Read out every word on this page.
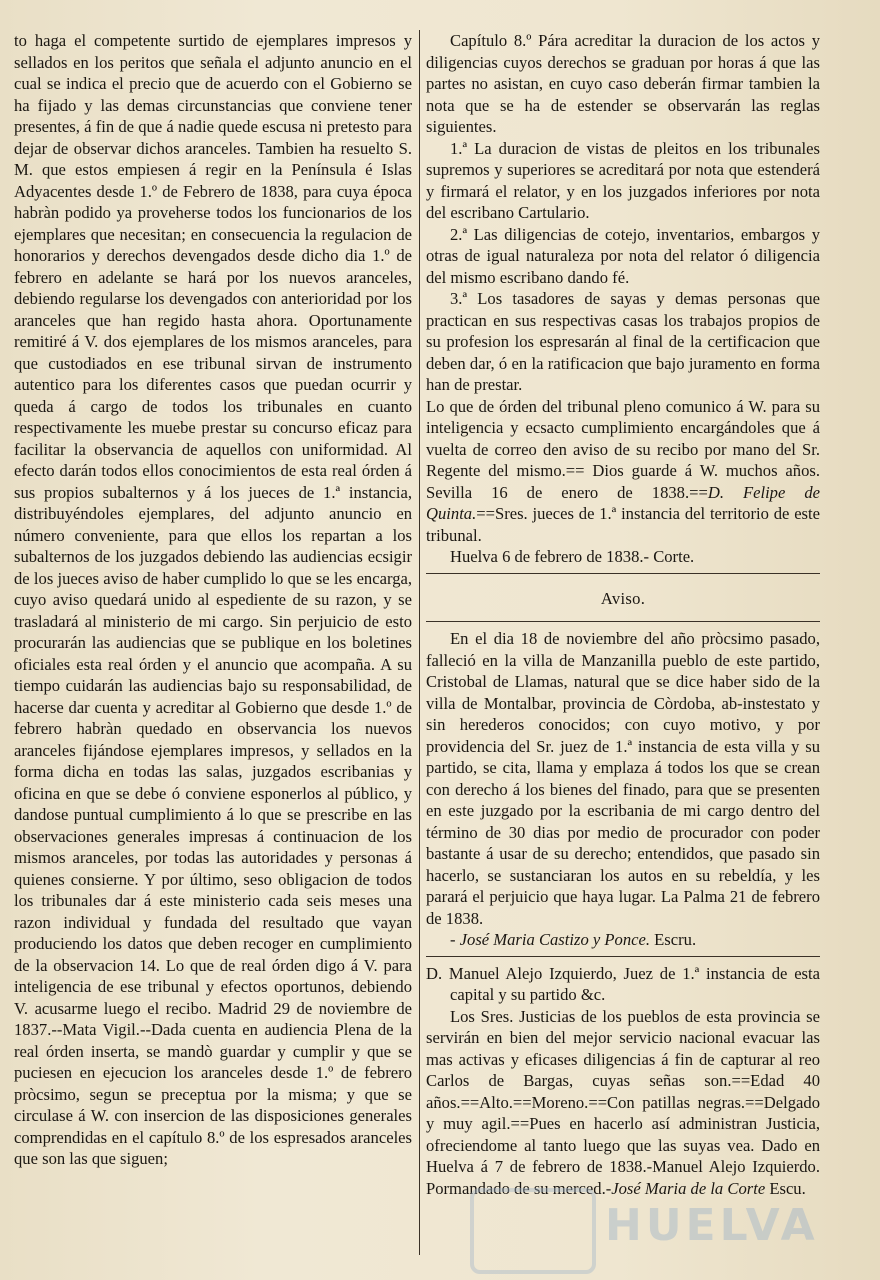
to haga el competente surtido de ejemplares impresos y sellados en los peritos que señala el adjunto anuncio en el cual se indica el precio que de acuerdo con el Gobierno se ha fijado y las demas circunstancias que conviene tener presentes, á fin de que á nadie quede escusa ni pretesto para dejar de observar dichos aranceles. Tambien ha resuelto S. M. que estos empiesen á regir en la Península é Islas Adyacentes desde 1.º de Febrero de 1838, para cuya época habràn podido ya proveherse todos los funcionarios de los ejemplares que necesitan; en consecuencia la regulacion de honorarios y derechos devengados desde dicho dia 1.º de febrero en adelante se hará por los nuevos aranceles, debiendo regularse los devengados con anterioridad por los aranceles que han regido hasta ahora. Oportunamente remitiré á V. dos ejemplares de los mismos aranceles, para que custodiados en ese tribunal sirvan de instrumento autentico para los diferentes casos que puedan ocurrir y queda á cargo de todos los tribunales en cuanto respectivamente les muebe prestar su concurso eficaz para facilitar la observancia de aquellos con uniformidad. Al efecto darán todos ellos conocimientos de esta real órden á sus propios subalternos y á los jueces de 1.ª instancia, distribuyéndoles ejemplares, del adjunto anuncio en número conveniente, para que ellos los repartan a los subalternos de los juzgados debiendo las audiencias ecsigir de los jueces aviso de haber cumplido lo que se les encarga, cuyo aviso quedará unido al espediente de su razon, y se trasladará al ministerio de mi cargo. Sin perjuicio de esto procurarán las audiencias que se publique en los boletines oficiales esta real órden y el anuncio que acompaña. A su tiempo cuidarán las audiencias bajo su responsabilidad, de hacerse dar cuenta y acreditar al Gobierno que desde 1.º de febrero habràn quedado en observancia los nuevos aranceles fijándose ejemplares impresos, y sellados en la forma dicha en todas las salas, juzgados escribanias y oficina en que se debe ó conviene esponerlos al público, y dandose puntual cumplimiento á lo que se prescribe en las observaciones generales impresas á continuacion de los mismos aranceles, por todas las autoridades y personas á quienes consierne. Y por último, seso obligacion de todos los tribunales dar á este ministerio cada seis meses una razon individual y fundada del resultado que vayan produciendo los datos que deben recoger en cumplimiento de la observacion 14. Lo que de real órden digo á V. para inteligencia de ese tribunal y efectos oportunos, debiendo V. acusarme luego el recibo. Madrid 29 de noviembre de 1837.--Mata Vigil.--Dada cuenta en audiencia Plena de la real órden inserta, se mandò guardar y cumplir y que se puciesen en ejecucion los aranceles desde 1.º de febrero pròcsimo, segun se preceptua por la misma; y que se circulase á W. con insercion de las disposiciones generales comprendidas en el capítulo 8.º de los espresados aranceles que son las que siguen;

Capítulo 8.º Pára acreditar la duracion de los actos y diligencias cuyos derechos se graduan por horas á que las partes no asistan, en cuyo caso deberán firmar tambien la nota que se ha de estender se observarán las reglas siguientes.

1.ª La duracion de vistas de pleitos en los tribunales supremos y superiores se acreditará por nota que estenderá y firmará el relator, y en los juzgados inferiores por nota del escribano Cartulario.

2.ª Las diligencias de cotejo, inventarios, embargos y otras de igual naturaleza por nota del relator ó diligencia del mismo escribano dando fé.

3.ª Los tasadores de sayas y demas personas que practican en sus respectivas casas los trabajos propios de su profesion los espresarán al final de la certificacion que deben dar, ó en la ratificacion que bajo juramento en forma han de prestar.

Lo que de órden del tribunal pleno comunico á W. para su inteligencia y ecsacto cumplimiento encargándoles que á vuelta de correo den aviso de su recibo por mano del Sr. Regente del mismo.== Dios guarde á W. muchos años. Sevilla 16 de enero de 1838.==D. Felipe de Quinta.==Sres. jueces de 1.ª instancia del territorio de este tribunal.

Huelva 6 de febrero de 1838.- Corte.

Aviso.

En el dia 18 de noviembre del año pròcsimo pasado, falleció en la villa de Manzanilla pueblo de este partido, Cristobal de Llamas, natural que se dice haber sido de la villa de Montalbar, provincia de Còrdoba, ab-instestato y sin herederos conocidos; con cuyo motivo, y por providencia del Sr. juez de 1.ª instancia de esta villa y su partido, se cita, llama y emplaza á todos los que se crean con derecho á los bienes del finado, para que se presenten en este juzgado por la escribania de mi cargo dentro del término de 30 dias por medio de procurador con poder bastante á usar de su derecho; entendidos, que pasado sin hacerlo, se sustanciaran los autos en su rebeldía, y les parará el perjuicio que haya lugar. La Palma 21 de febrero de 1838.

- José Maria Castizo y Ponce. Escru.

D. Manuel Alejo Izquierdo, Juez de 1.ª instancia de esta capital y su partido &c.

Los Sres. Justicias de los pueblos de esta provincia se servirán en bien del mejor servicio nacional evacuar las mas activas y eficases diligencias á fin de capturar al reo Carlos de Bargas, cuyas señas son.==Edad 40 años.==Alto.==Moreno.==Con patillas negras.==Delgado y muy agil.==Pues en hacerlo así administran Justicia, ofreciendome al tanto luego que las suyas vea. Dado en Huelva á 7 de febrero de 1838.-Manuel Alejo Izquierdo. Pormandado de su merced.-José Maria de la Corte Escu.

HUELVA
